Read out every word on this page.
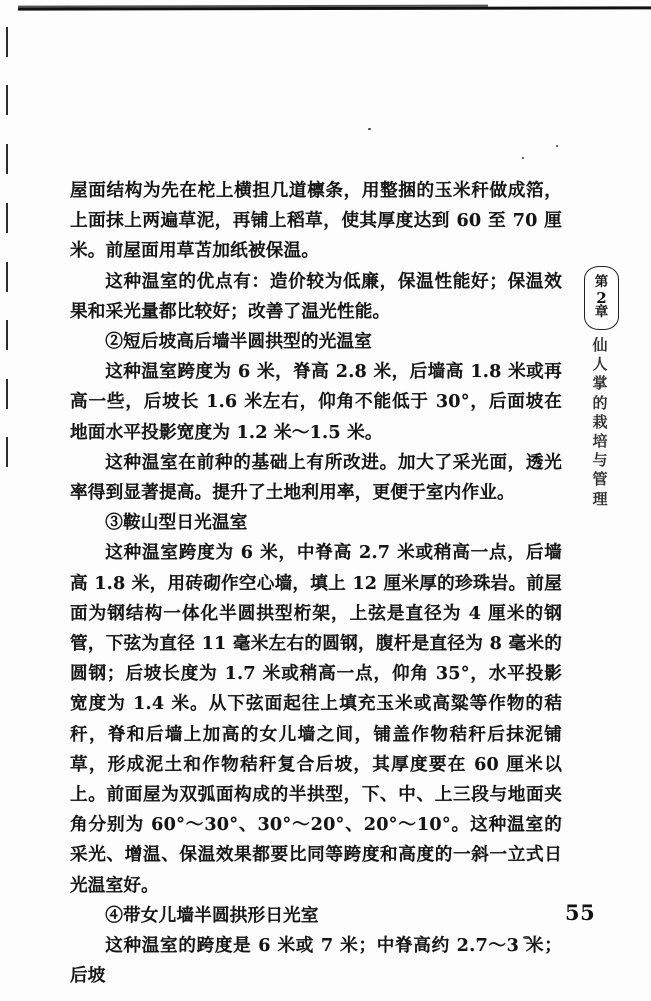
屋面结构为先在柁上横担几道檩条，用整捆的玉米秆做成箔，上面抹上两遍草泥，再铺上稻草，使其厚度达到 60 至 70 厘米。前屋面用草苫加纸被保温。

这种温室的优点有：造价较为低廉，保温性能好；保温效果和采光量都比较好；改善了温光性能。

②短后坡高后墙半圆拱型的光温室

这种温室跨度为 6 米，脊高 2.8 米，后墙高 1.8 米或再高一些，后坡长 1.6 米左右，仰角不能低于 30°，后面坡在地面水平投影宽度为 1.2 米～1.5 米。

这种温室在前种的基础上有所改进。加大了采光面，透光率得到显著提高。提升了土地利用率，更便于室内作业。

③鞍山型日光温室

这种温室跨度为 6 米，中脊高 2.7 米或稍高一点，后墙高 1.8 米，用砖砌作空心墙，填上 12 厘米厚的珍珠岩。前屋面为钢结构一体化半圆拱型桁架，上弦是直径为 4 厘米的钢管，下弦为直径 11 毫米左右的圆钢，腹杆是直径为 8 毫米的圆钢；后坡长度为 1.7 米或稍高一点，仰角 35°，水平投影宽度为 1.4 米。从下弦面起往上填充玉米或高粱等作物的秸秆，脊和后墙上加高的女儿墙之间，铺盖作物秸秆后抹泥铺草，形成泥土和作物秸秆复合后坡，其厚度要在 60 厘米以上。前面屋为双弧面构成的半拱型，下、中、上三段与地面夹角分别为 60°～30°、30°～20°、20°～10°。这种温室的采光、增温、保温效果都要比同等跨度和高度的一斜一立式日光温室好。

④带女儿墙半圆拱形日光室

这种温室的跨度是 6 米或 7 米；中脊高约 2.7～3 米；后坡

第
2
章
仙
人
掌
的
栽
培
与
管
理
55
